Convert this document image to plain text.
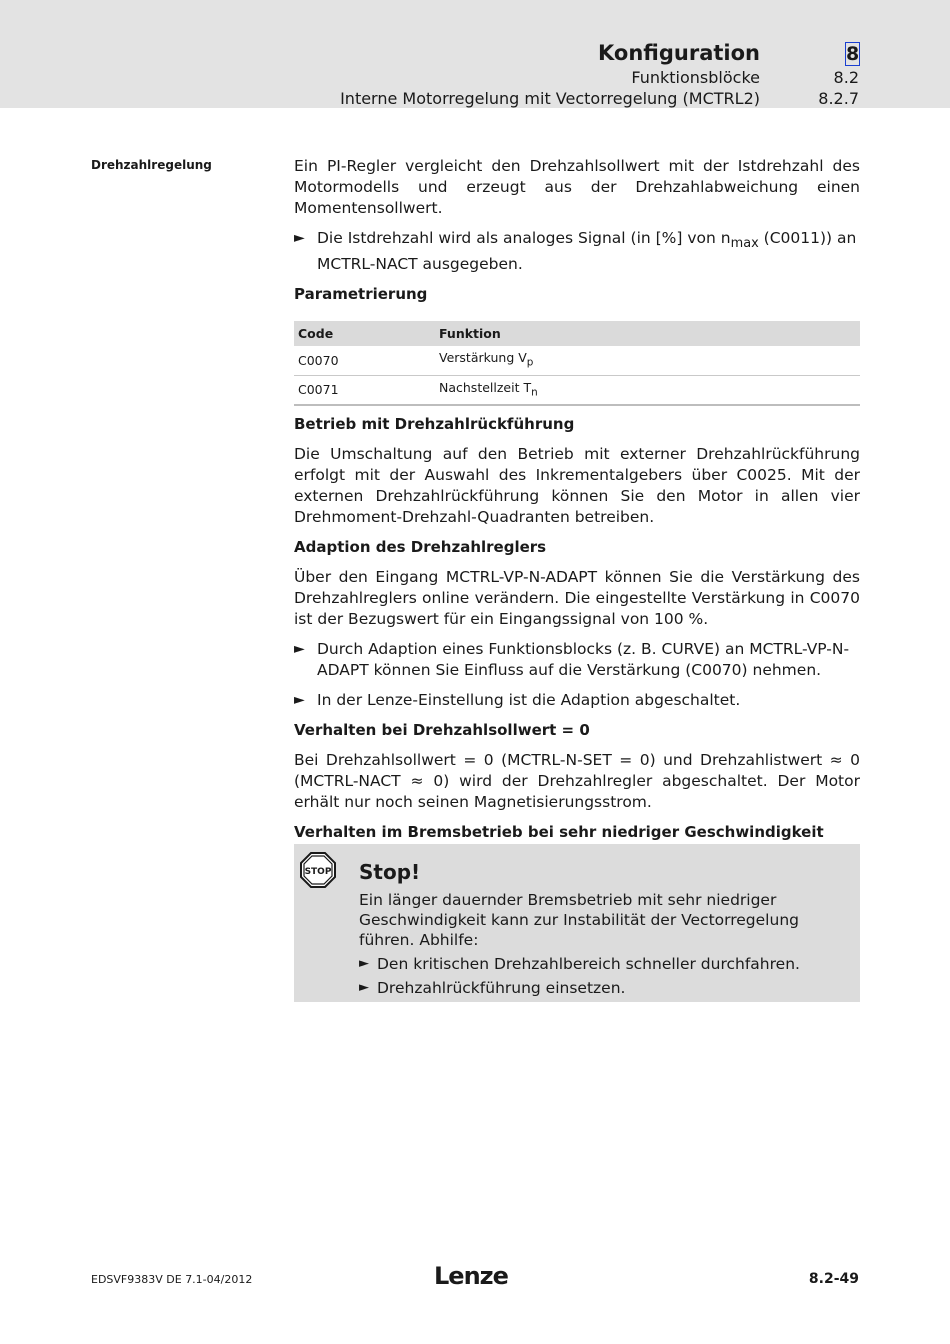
Konfiguration	8
Funktionsblöcke	8.2
Interne Motorregelung mit Vectorregelung (MCTRL2)	8.2.7
Drehzahlregelung	Ein PI-Regler vergleicht den Drehzahlsollwert mit der Istdrehzahl des Motormodells und erzeugt aus der Drehzahlabweichung einen Momentensollwert.

► Die Istdrehzahl wird als analoges Signal (in [%] von $n_{max}$ (C0011)) an MCTRL-NACT ausgegeben.
Parametrierung
Code	Funktion
C0070	Verstärkung $V_p$
C0071	Nachstellzeit $T_n$
Betrieb mit Drehzahlrückführung

Die Umschaltung auf den Betrieb mit externer Drehzahlrückführung erfolgt mit der Auswahl des Inkrementalgebers über C0025. Mit der externen Drehzahlrückführung können Sie den Motor in allen vier Drehmoment-Drehzahl-Quadranten betreiben.

Adaption des Drehzahlreglers

Über den Eingang MCTRL-VP-N-ADAPT können Sie die Verstärkung des Drehzahlreglers online verändern. Die eingestellte Verstärkung in C0070 ist der Bezugswert für ein Eingangssignal von 100 %.

► Durch Adaption eines Funktionsblocks (z. B. CURVE) an MCTRL-VP-N-ADAPT können Sie Einfluss auf die Verstärkung (C0070) nehmen.
► In der Lenze-Einstellung ist die Adaption abgeschaltet.
Verhalten bei Drehzahlsollwert = 0

Bei Drehzahlsollwert = 0 (MCTRL-N-SET = 0) und Drehzahlistwert ≈ 0 (MCTRL-NACT ≈ 0) wird der Drehzahlregler abgeschaltet. Der Motor erhält nur noch seinen Magnetisierungsstrom.

Verhalten im Bremsbetrieb bei sehr niedriger Geschwindigkeit
STOP Stop!
Ein länger dauernder Bremsbetrieb mit sehr niedriger Geschwindigkeit kann zur Instabilität der Vectorregelung führen. Abhilfe:
► Den kritischen Drehzahlbereich schneller durchfahren.
► Drehzahlrückführung einsetzen.
EDSVF9383V DE 7.1-04/2012	Lenze	8.2-49
